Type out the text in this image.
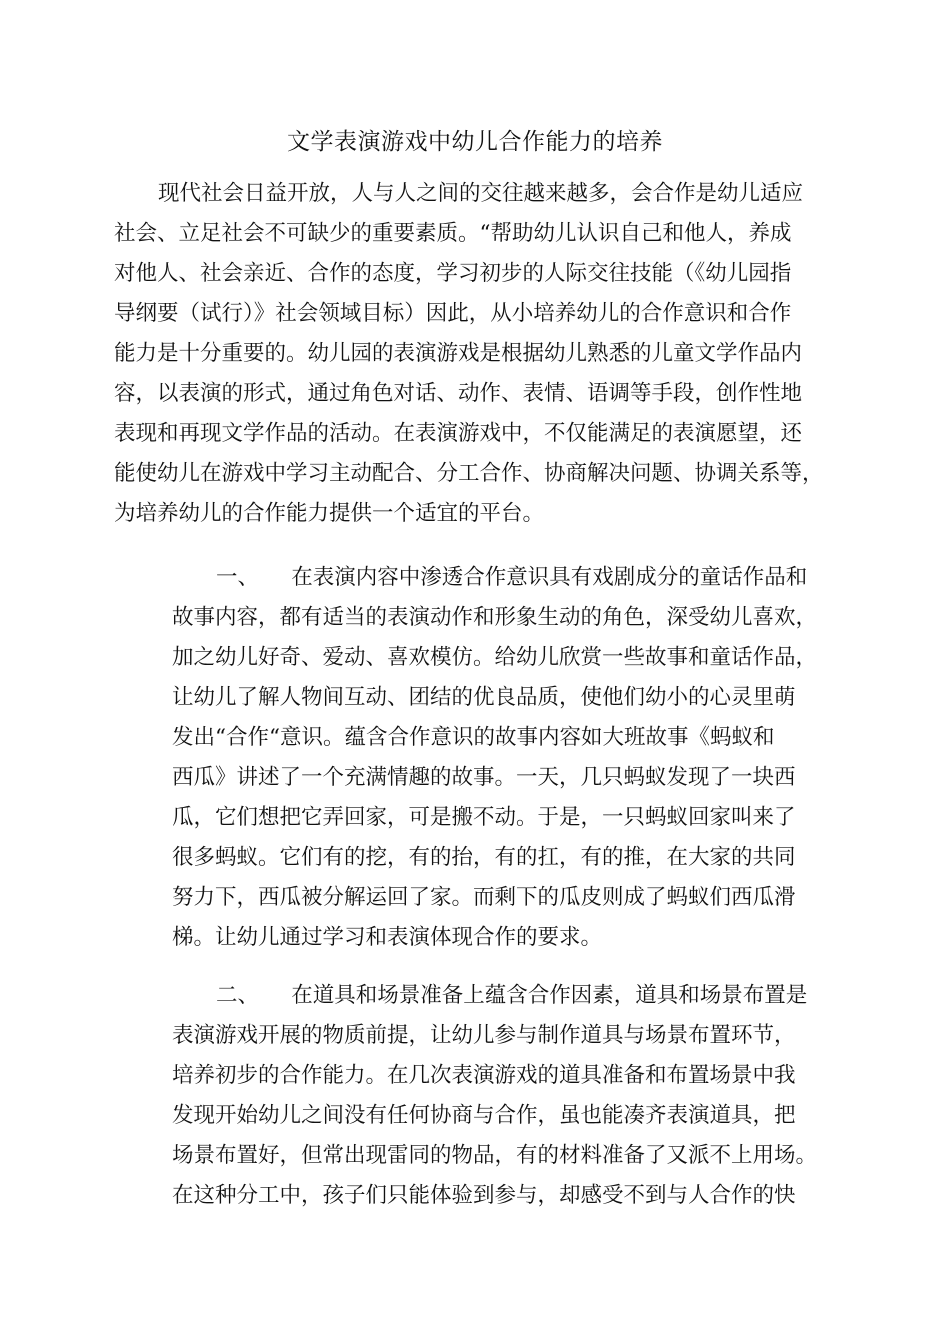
文学表演游戏中幼儿合作能力的培养
现代社会日益开放，人与人之间的交往越来越多，会合作是幼儿适应
社会、立足社会不可缺少的重要素质。“帮助幼儿认识自己和他人，养成
对他人、社会亲近、合作的态度，学习初步的人际交往技能（《幼儿园指
导纲要（试行）》社会领域目标）因此，从小培养幼儿的合作意识和合作
能力是十分重要的。幼儿园的表演游戏是根据幼儿熟悉的儿童文学作品内
容，以表演的形式，通过角色对话、动作、表情、语调等手段，创作性地
表现和再现文学作品的活动。在表演游戏中，不仅能满足的表演愿望，还
能使幼儿在游戏中学习主动配合、分工合作、协商解决问题、协调关系等，
为培养幼儿的合作能力提供一个适宜的平台。
一、　　在表演内容中渗透合作意识具有戏剧成分的童话作品和
故事内容，都有适当的表演动作和形象生动的角色，深受幼儿喜欢，
加之幼儿好奇、爱动、喜欢模仿。给幼儿欣赏一些故事和童话作品，
让幼儿了解人物间互动、团结的优良品质，使他们幼小的心灵里萌
发出“合作“意识。蕴含合作意识的故事内容如大班故事《蚂蚁和
西瓜》讲述了一个充满情趣的故事。一天，几只蚂蚁发现了一块西
瓜，它们想把它弄回家，可是搬不动。于是，一只蚂蚁回家叫来了
很多蚂蚁。它们有的挖，有的抬，有的扛，有的推，在大家的共同
努力下，西瓜被分解运回了家。而剩下的瓜皮则成了蚂蚁们西瓜滑
梯。让幼儿通过学习和表演体现合作的要求。
二、　　在道具和场景准备上蕴含合作因素，道具和场景布置是
表演游戏开展的物质前提，让幼儿参与制作道具与场景布置环节，
培养初步的合作能力。在几次表演游戏的道具准备和布置场景中我
发现开始幼儿之间没有任何协商与合作，虽也能凑齐表演道具，把
场景布置好，但常出现雷同的物品，有的材料准备了又派不上用场。
在这种分工中，孩子们只能体验到参与，却感受不到与人合作的快
